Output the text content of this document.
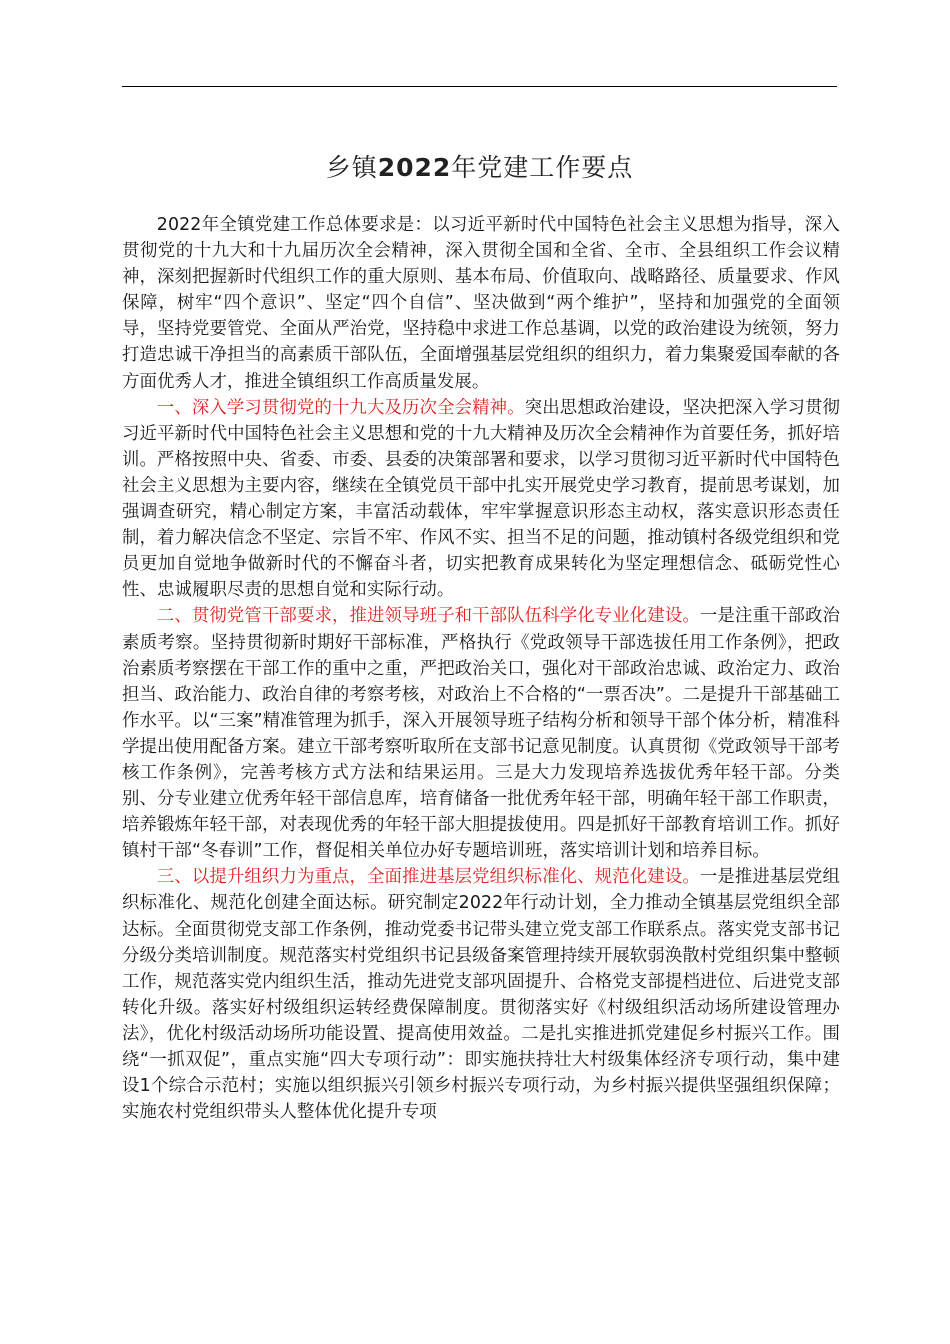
乡镇2022年党建工作要点

2022年全镇党建工作总体要求是：以习近平新时代中国特色社会主义思想为指导，深入贯彻党的十九大和十九届历次全会精神，深入贯彻全国和全省、全市、全县组织工作会议精神，深刻把握新时代组织工作的重大原则、基本布局、价值取向、战略路径、质量要求、作风保障，树牢“四个意识”、坚定“四个自信”、坚决做到“两个维护”，坚持和加强党的全面领导，坚持党要管党、全面从严治党，坚持稳中求进工作总基调，以党的政治建设为统领，努力打造忠诚干净担当的高素质干部队伍，全面增强基层党组织的组织力，着力集聚爱国奉献的各方面优秀人才，推进全镇组织工作高质量发展。

一、深入学习贯彻党的十九大及历次全会精神。突出思想政治建设，坚决把深入学习贯彻习近平新时代中国特色社会主义思想和党的十九大精神及历次全会精神作为首要任务，抓好培训。严格按照中央、省委、市委、县委的决策部署和要求，以学习贯彻习近平新时代中国特色社会主义思想为主要内容，继续在全镇党员干部中扎实开展党史学习教育，提前思考谋划，加强调查研究，精心制定方案，丰富活动载体，牢牢掌握意识形态主动权，落实意识形态责任制，着力解决信念不坚定、宗旨不牢、作风不实、担当不足的问题，推动镇村各级党组织和党员更加自觉地争做新时代的不懈奋斗者，切实把教育成果转化为坚定理想信念、砥砺党性心性、忠诚履职尽责的思想自觉和实际行动。

二、贯彻党管干部要求，推进领导班子和干部队伍科学化专业化建设。一是注重干部政治素质考察。坚持贯彻新时期好干部标准，严格执行《党政领导干部选拔任用工作条例》，把政治素质考察摆在干部工作的重中之重，严把政治关口，强化对干部政治忠诚、政治定力、政治担当、政治能力、政治自律的考察考核，对政治上不合格的“一票否决”。二是提升干部基础工作水平。以“三案”精准管理为抓手，深入开展领导班子结构分析和领导干部个体分析，精准科学提出使用配备方案。建立干部考察听取所在支部书记意见制度。认真贯彻《党政领导干部考核工作条例》，完善考核方式方法和结果运用。三是大力发现培养选拔优秀年轻干部。分类别、分专业建立优秀年轻干部信息库，培育储备一批优秀年轻干部，明确年轻干部工作职责，培养锻炼年轻干部，对表现优秀的年轻干部大胆提拔使用。四是抓好干部教育培训工作。抓好镇村干部“冬春训”工作，督促相关单位办好专题培训班，落实培训计划和培养目标。

三、以提升组织力为重点，全面推进基层党组织标准化、规范化建设。一是推进基层党组织标准化、规范化创建全面达标。研究制定2022年行动计划，全力推动全镇基层党组织全部达标。全面贯彻党支部工作条例，推动党委书记带头建立党支部工作联系点。落实党支部书记分级分类培训制度。规范落实村党组织书记县级备案管理持续开展软弱涣散村党组织集中整顿工作，规范落实党内组织生活，推动先进党支部巩固提升、合格党支部提档进位、后进党支部转化升级。落实好村级组织运转经费保障制度。贯彻落实好《村级组织活动场所建设管理办法》，优化村级活动场所功能设置、提高使用效益。二是扎实推进抓党建促乡村振兴工作。围绕“一抓双促”，重点实施“四大专项行动”：即实施扶持壮大村级集体经济专项行动，集中建设1个综合示范村；实施以组织振兴引领乡村振兴专项行动，为乡村振兴提供坚强组织保障；实施农村党组织带头人整体优化提升专项
